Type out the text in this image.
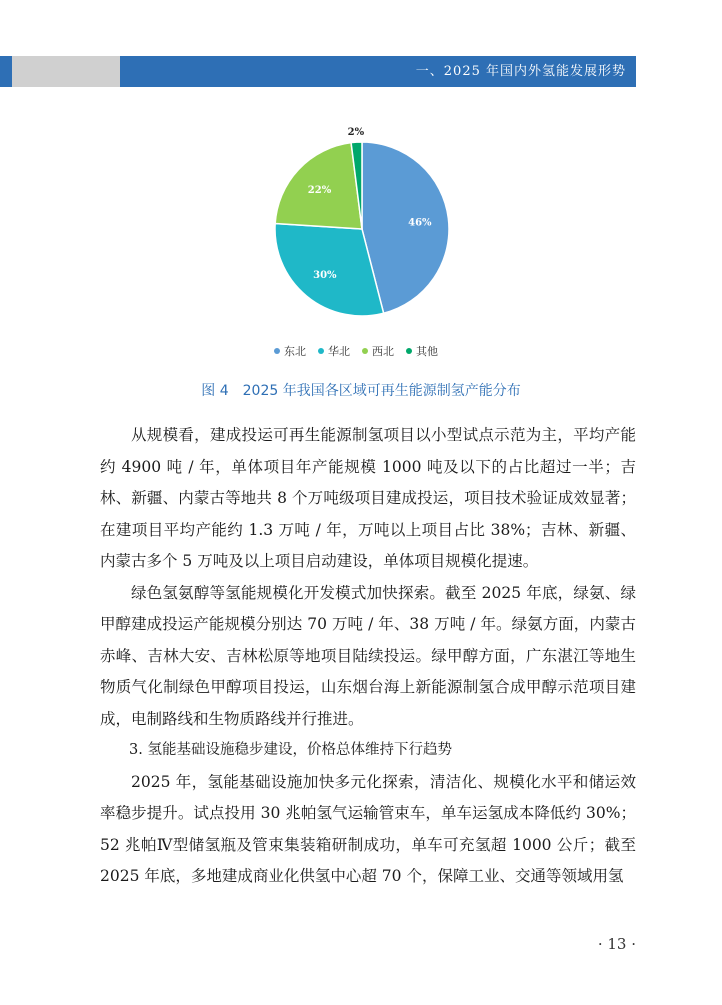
一、2025 年国内外氢能发展形势
46%
30%
22%
2%
东北 华北 西北 其他
图 4　2025 年我国各区域可再生能源制氢产能分布

从规模看，建成投运可再生能源制氢项目以小型试点示范为主，平均产能约 4900 吨 / 年，单体项目年产能规模 1000 吨及以下的占比超过一半；吉林、新疆、内蒙古等地共 8 个万吨级项目建成投运，项目技术验证成效显著；在建项目平均产能约 1.3 万吨 / 年，万吨以上项目占比 38%；吉林、新疆、内蒙古多个 5 万吨及以上项目启动建设，单体项目规模化提速。

绿色氢氨醇等氢能规模化开发模式加快探索。截至 2025 年底，绿氨、绿甲醇建成投运产能规模分别达 70 万吨 / 年、38 万吨 / 年。绿氨方面，内蒙古赤峰、吉林大安、吉林松原等地项目陆续投运。绿甲醇方面，广东湛江等地生物质气化制绿色甲醇项目投运，山东烟台海上新能源制氢合成甲醇示范项目建成，电制路线和生物质路线并行推进。

3. 氢能基础设施稳步建设，价格总体维持下行趋势

2025 年，氢能基础设施加快多元化探索，清洁化、规模化水平和储运效率稳步提升。试点投用 30 兆帕氢气运输管束车，单车运氢成本降低约 30%；52 兆帕Ⅳ型储氢瓶及管束集装箱研制成功，单车可充氢超 1000 公斤；截至 2025 年底，多地建成商业化供氢中心超 70 个，保障工业、交通等领域用氢

· 13 ·
